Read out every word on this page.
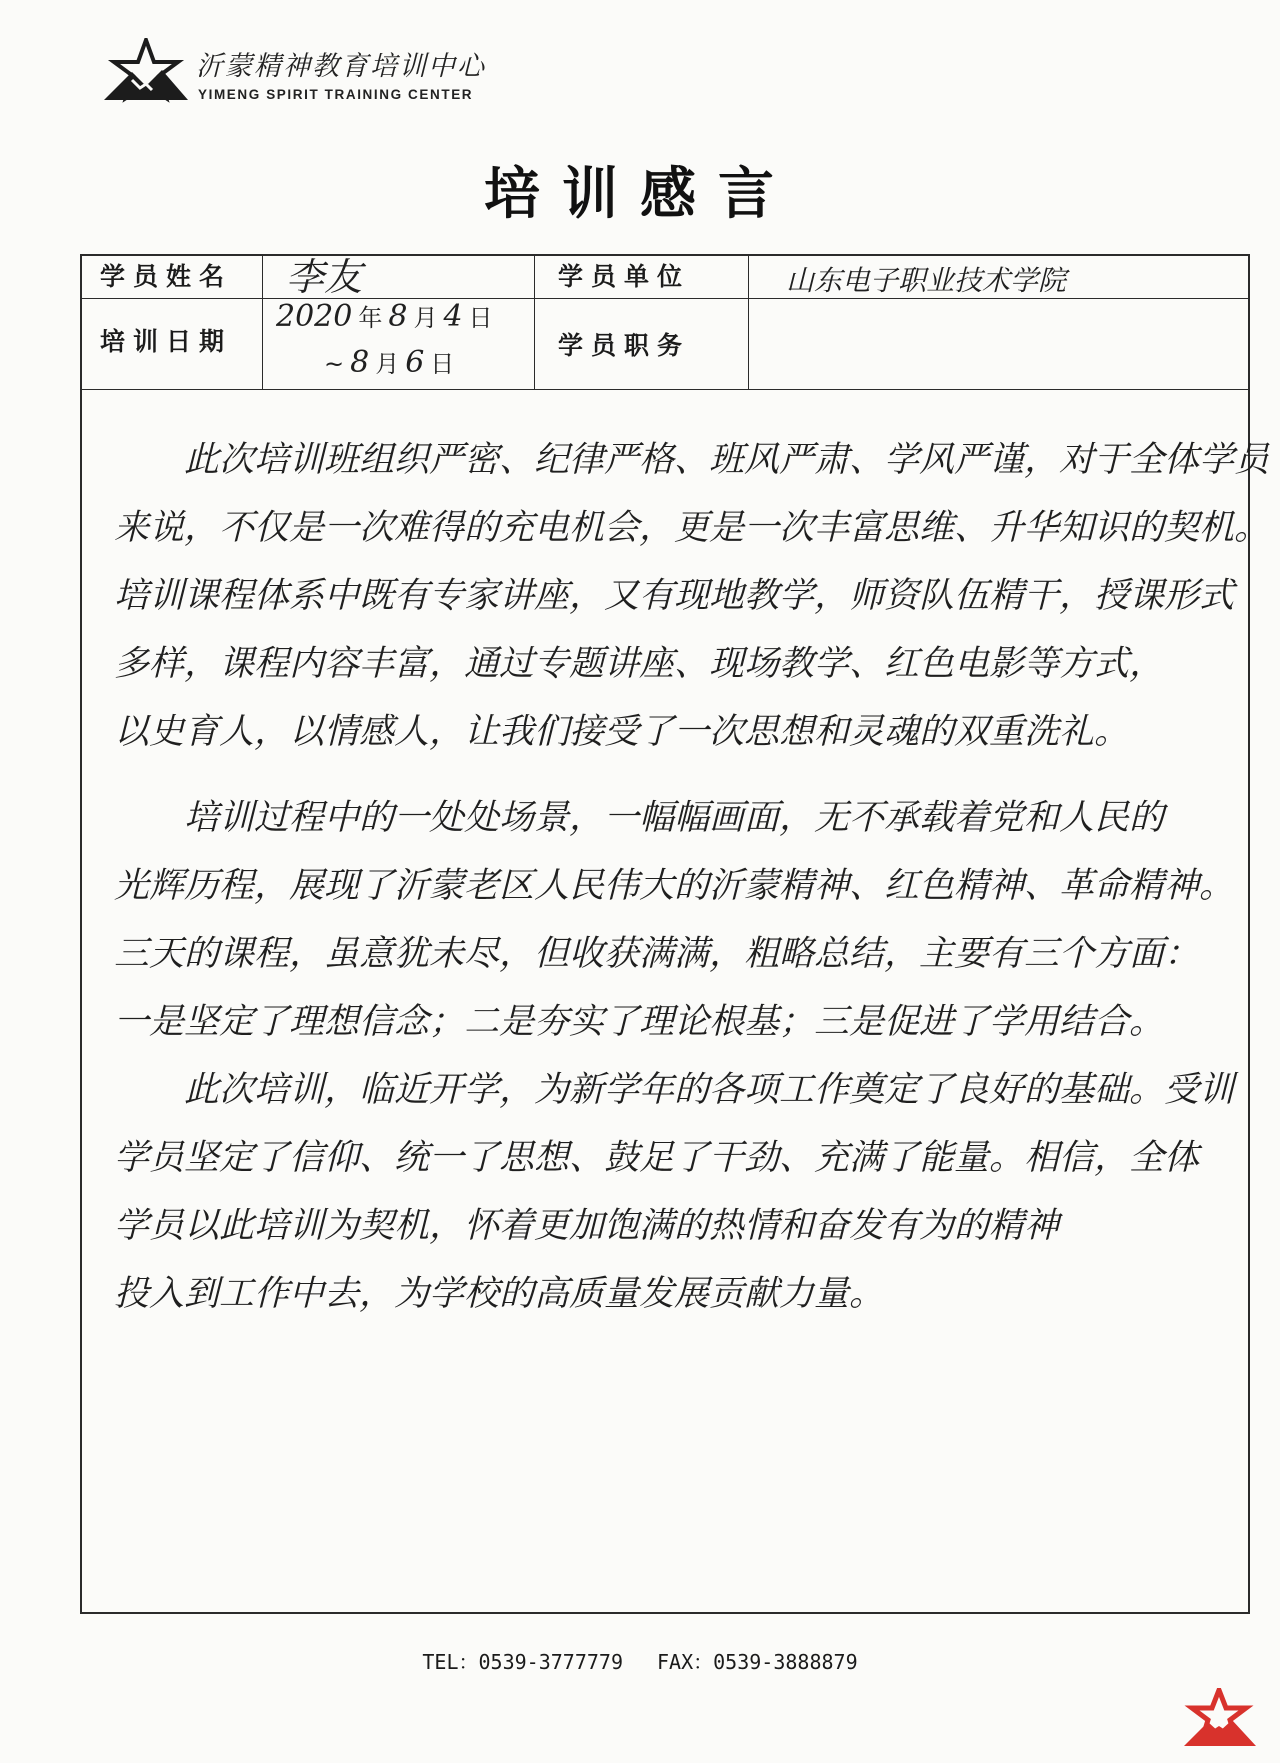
沂蒙精神教育培训中心
YIMENG SPIRIT TRAINING CENTER
培训感言
学员姓名 李友	学员单位	山东电子职业技术学院
培训日期
2020 年 8 月 4 日
~ 8 月 6 日
学员职务
　　此次培训班组织严密、纪律严格、班风严肃、学风严谨，对于全体学员
来说，不仅是一次难得的充电机会，更是一次丰富思维、升华知识的契机。
培训课程体系中既有专家讲座，又有现地教学，师资队伍精干，授课形式
多样，课程内容丰富，通过专题讲座、现场教学、红色电影等方式，
以史育人，以情感人，让我们接受了一次思想和灵魂的双重洗礼。
　　培训过程中的一处处场景，一幅幅画面，无不承载着党和人民的
光辉历程，展现了沂蒙老区人民伟大的沂蒙精神、红色精神、革命精神。
三天的课程，虽意犹未尽，但收获满满，粗略总结，主要有三个方面：
一是坚定了理想信念；二是夯实了理论根基；三是促进了学用结合。
　　此次培训，临近开学，为新学年的各项工作奠定了良好的基础。受训
学员坚定了信仰、统一了思想、鼓足了干劲、充满了能量。相信，全体
学员以此培训为契机，怀着更加饱满的热情和奋发有为的精神
投入到工作中去，为学校的高质量发展贡献力量。
TEL：0539-3777779 FAX：0539-3888879
